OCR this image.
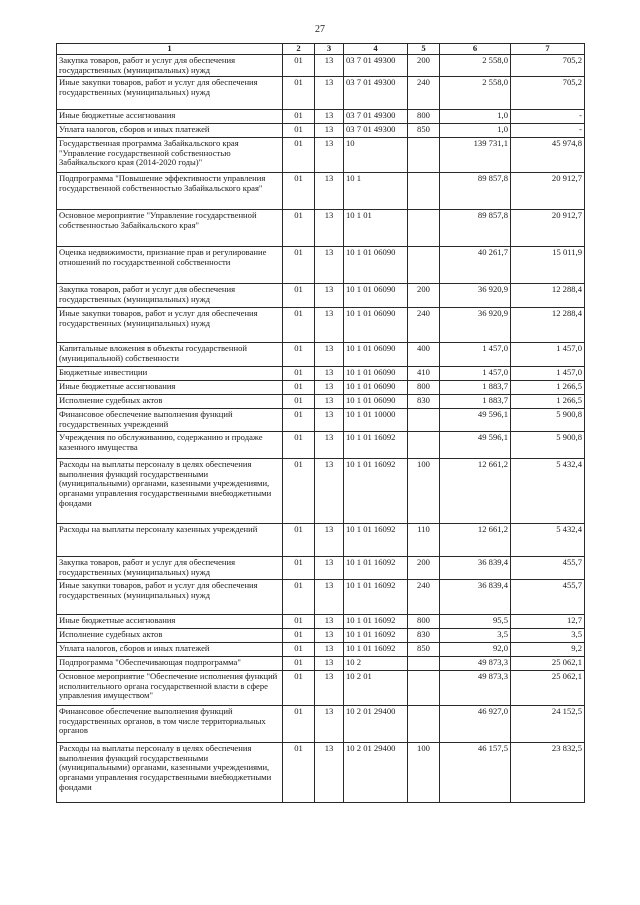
27
1	2	3	4	5	6	7
Закупка товаров, работ и услуг для обеспечения государственных (муниципальных) нужд	01	13	03 7 01 49300	200	2 558,0	705,2
Иные закупки товаров, работ и услуг для обеспечения государственных (муниципальных) нужд	01	13	03 7 01 49300	240	2 558,0	705,2
Иные бюджетные ассигнования	01	13	03 7 01 49300	800	1,0	-
Уплата налогов, сборов и иных платежей	01	13	03 7 01 49300	850	1,0	-
Государственная программа Забайкальского края "Управление государственной собственностью Забайкальского края (2014-2020 годы)"	01	13	10		139 731,1	45 974,8
Подпрограмма "Повышение эффективности управления государственной собственностью Забайкальского края"	01	13	10 1		89 857,8	20 912,7
Основное мероприятие "Управление государственной собственностью Забайкальского края"	01	13	10 1 01		89 857,8	20 912,7
Оценка недвижимости, признание прав и регулирование отношений по государственной собственности	01	13	10 1 01 06090		40 261,7	15 011,9
Закупка товаров, работ и услуг для обеспечения государственных (муниципальных) нужд	01	13	10 1 01 06090	200	36 920,9	12 288,4
Иные закупки товаров, работ и услуг для обеспечения государственных (муниципальных) нужд	01	13	10 1 01 06090	240	36 920,9	12 288,4
Капитальные вложения в объекты государственной (муниципальной) собственности	01	13	10 1 01 06090	400	1 457,0	1 457,0
Бюджетные инвестиции	01	13	10 1 01 06090	410	1 457,0	1 457,0
Иные бюджетные ассигнования	01	13	10 1 01 06090	800	1 883,7	1 266,5
Исполнение судебных актов	01	13	10 1 01 06090	830	1 883,7	1 266,5
Финансовое обеспечение выполнения функций государственных учреждений	01	13	10 1 01 10000		49 596,1	5 900,8
Учреждения по обслуживанию, содержанию и продаже казенного имущества	01	13	10 1 01 16092		49 596,1	5 900,8
Расходы на выплаты персоналу в целях обеспечения выполнения функций государственными (муниципальными) органами, казенными учреждениями, органами управления государственными внебюджетными фондами	01	13	10 1 01 16092	100	12 661,2	5 432,4
Расходы на выплаты персоналу казенных учреждений	01	13	10 1 01 16092	110	12 661,2	5 432,4
Закупка товаров, работ и услуг для обеспечения государственных (муниципальных) нужд	01	13	10 1 01 16092	200	36 839,4	455,7
Иные закупки товаров, работ и услуг для обеспечения государственных (муниципальных) нужд	01	13	10 1 01 16092	240	36 839,4	455,7
Иные бюджетные ассигнования	01	13	10 1 01 16092	800	95,5	12,7
Исполнение судебных актов	01	13	10 1 01 16092	830	3,5	3,5
Уплата налогов, сборов и иных платежей	01	13	10 1 01 16092	850	92,0	9,2
Подпрограмма "Обеспечивающая подпрограмма"	01	13	10 2		49 873,3	25 062,1
Основное мероприятие "Обеспечение исполнения функций исполнительного органа государственной власти в сфере управления имуществом"	01	13	10 2 01		49 873,3	25 062,1
Финансовое обеспечение выполнения функций государственных органов, в том числе территориальных органов	01	13	10 2 01 29400		46 927,0	24 152,5
Расходы на выплаты персоналу в целях обеспечения выполнения функций государственными (муниципальными) органами, казенными учреждениями, органами управления государственными внебюджетными фондами	01	13	10 2 01 29400	100	46 157,5	23 832,5
